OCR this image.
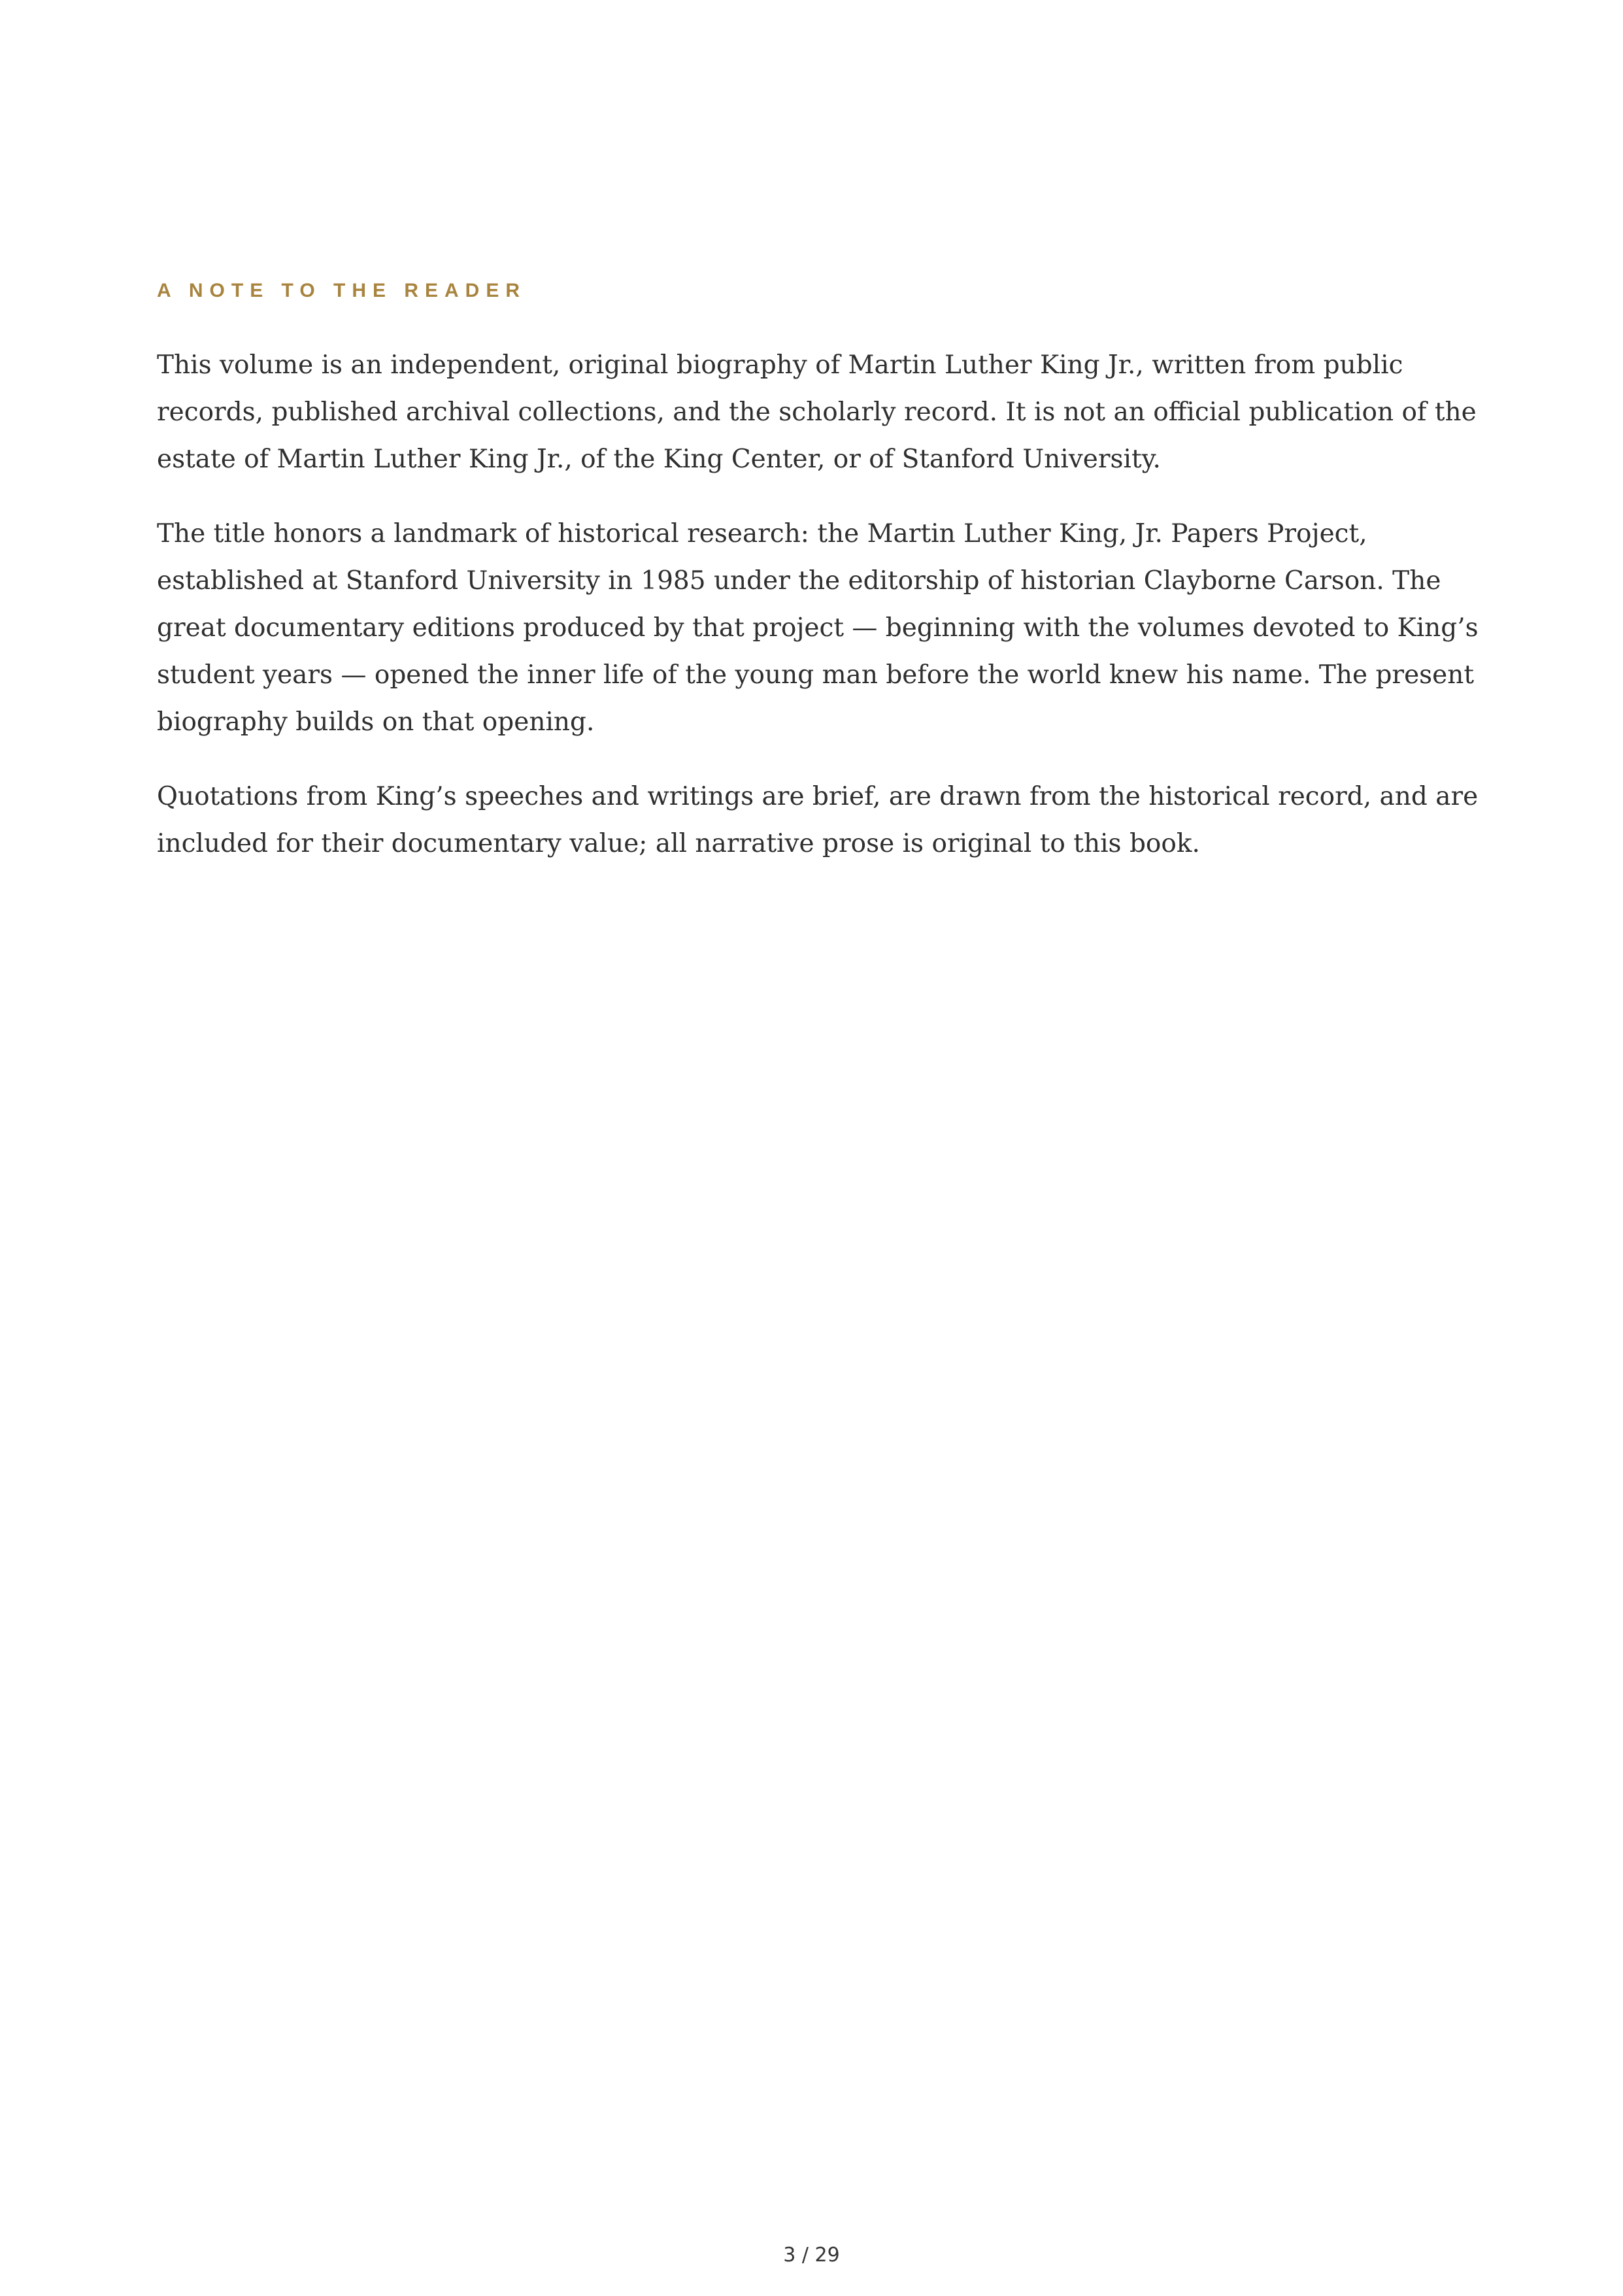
A NOTE TO THE READER

This volume is an independent, original biography of Martin Luther King Jr., written from public records, published archival collections, and the scholarly record. It is not an official publication of the estate of Martin Luther King Jr., of the King Center, or of Stanford University.

The title honors a landmark of historical research: the Martin Luther King, Jr. Papers Project, established at Stanford University in 1985 under the editorship of historian Clayborne Carson. The great documentary editions produced by that project — beginning with the volumes devoted to King’s student years — opened the inner life of the young man before the world knew his name. The present biography builds on that opening.

Quotations from King’s speeches and writings are brief, are drawn from the historical record, and are included for their documentary value; all narrative prose is original to this book.

3 / 29
